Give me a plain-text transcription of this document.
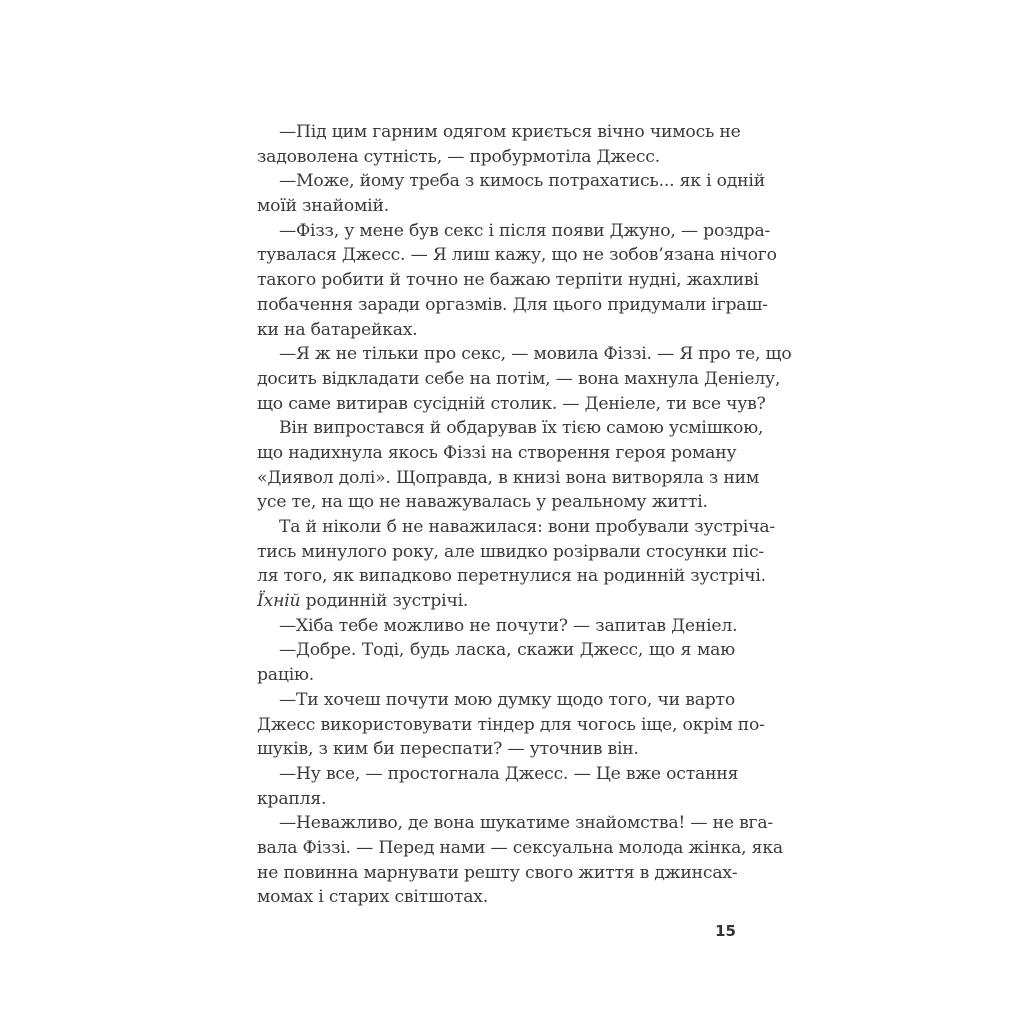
—Під цим гарним одягом криється вічно чимось не
задоволена сутність, — пробурмотіла Джесс.
—Може, йому треба з кимось потрахатись... як і одній
моїй знайомій.
—Фізз, у мене був секс і після появи Джуно, — роздра-
тувалася Джесс. — Я лиш кажу, що не зобов’язана нічого
такого робити й точно не бажаю терпіти нудні, жахливі
побачення заради оргазмів. Для цього придумали іграш-
ки на батарейках.
—Я ж не тільки про секс, — мовила Фіззі. — Я про те, що
досить відкладати себе на потім, — вона махнула Деніелу,
що саме витирав сусідній столик. — Деніеле, ти все чув?
Він випростався й обдарував їх тією самою усмішкою,
що надихнула якось Фіззі на створення героя роману
«Диявол долі». Щоправда, в книзі вона витворяла з ним
усе те, на що не наважувалась у реальному житті.
Та й ніколи б не наважилася: вони пробували зустріча-
тись минулого року, але швидко розірвали стосунки піс-
ля того, як випадково перетнулися на родинній зустрічі.
Їхній родинній зустрічі.
—Хіба тебе можливо не почути? — запитав Деніел.
—Добре. Тоді, будь ласка, скажи Джесс, що я маю
рацію.
—Ти хочеш почути мою думку щодо того, чи варто
Джесс використовувати тіндер для чогось іще, окрім по-
шуків, з ким би переспати? — уточнив він.
—Ну все, — простогнала Джесс. — Це вже остання
крапля.
—Неважливо, де вона шукатиме знайомства! — не вга-
вала Фіззі. — Перед нами — сексуальна молода жінка, яка
не повинна марнувати решту свого життя в джинсах-
момах і старих світшотах.
15
